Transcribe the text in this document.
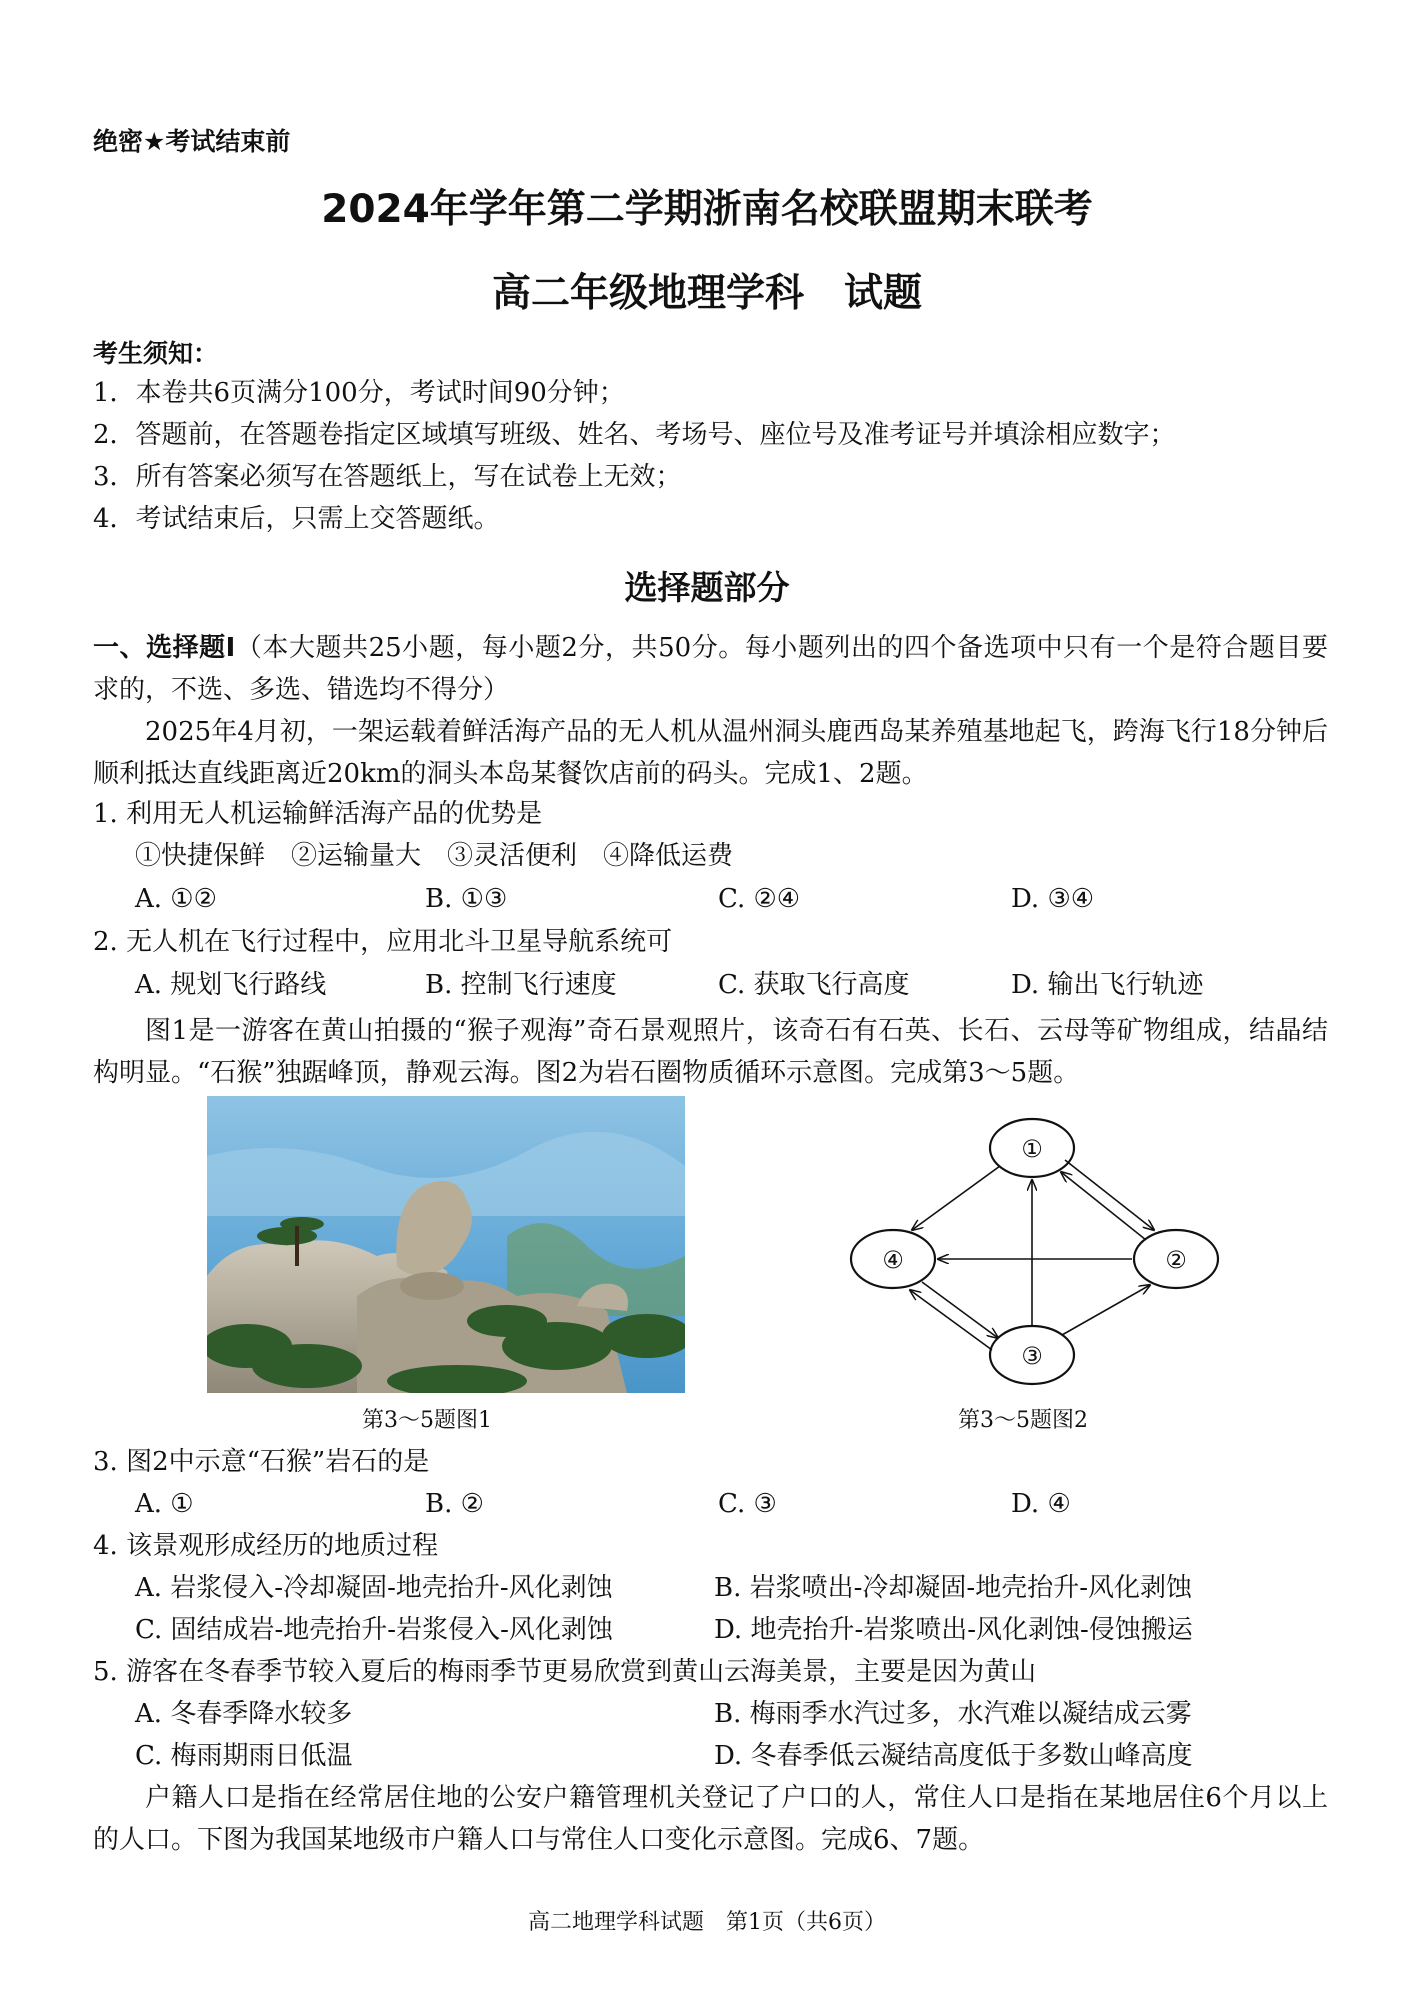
绝密★考试结束前
2024年学年第二学期浙南名校联盟期末联考
高二年级地理学科 试题
考生须知：
1．本卷共6页满分100分，考试时间90分钟；
2．答题前，在答题卷指定区域填写班级、姓名、考场号、座位号及准考证号并填涂相应数字；
3．所有答案必须写在答题纸上，写在试卷上无效；
4．考试结束后，只需上交答题纸。
选择题部分
一、选择题Ⅰ（本大题共25小题，每小题2分，共50分。每小题列出的四个备选项中只有一个是符合题目要求的，不选、多选、错选均不得分）
2025年4月初，一架运载着鲜活海产品的无人机从温州洞头鹿西岛某养殖基地起飞，跨海飞行18分钟后顺利抵达直线距离近20km的洞头本岛某餐饮店前的码头。完成1、2题。
1. 利用无人机运输鲜活海产品的优势是
①快捷保鲜　②运输量大　③灵活便利　④降低运费
A. ①②	B. ①③	C. ②④	D. ③④
2. 无人机在飞行过程中，应用北斗卫星导航系统可
A. 规划飞行路线	B. 控制飞行速度	C. 获取飞行高度	D. 输出飞行轨迹
图1是一游客在黄山拍摄的“猴子观海”奇石景观照片，该奇石有石英、长石、云母等矿物组成，结晶结构明显。“石猴”独踞峰顶，静观云海。图2为岩石圈物质循环示意图。完成第3～5题。
第3～5题图1
①
②
③
④
第3～5题图2
3. 图2中示意“石猴”岩石的是
A. ①	B. ②	C. ③	D. ④
4. 该景观形成经历的地质过程
A. 岩浆侵入-冷却凝固-地壳抬升-风化剥蚀	B. 岩浆喷出-冷却凝固-地壳抬升-风化剥蚀
C. 固结成岩-地壳抬升-岩浆侵入-风化剥蚀	D. 地壳抬升-岩浆喷出-风化剥蚀-侵蚀搬运
5. 游客在冬春季节较入夏后的梅雨季节更易欣赏到黄山云海美景，主要是因为黄山
A. 冬春季降水较多	B. 梅雨季水汽过多，水汽难以凝结成云雾
C. 梅雨期雨日低温	D. 冬春季低云凝结高度低于多数山峰高度
户籍人口是指在经常居住地的公安户籍管理机关登记了户口的人，常住人口是指在某地居住6个月以上的人口。下图为我国某地级市户籍人口与常住人口变化示意图。完成6、7题。
高二地理学科试题　第1页（共6页）
